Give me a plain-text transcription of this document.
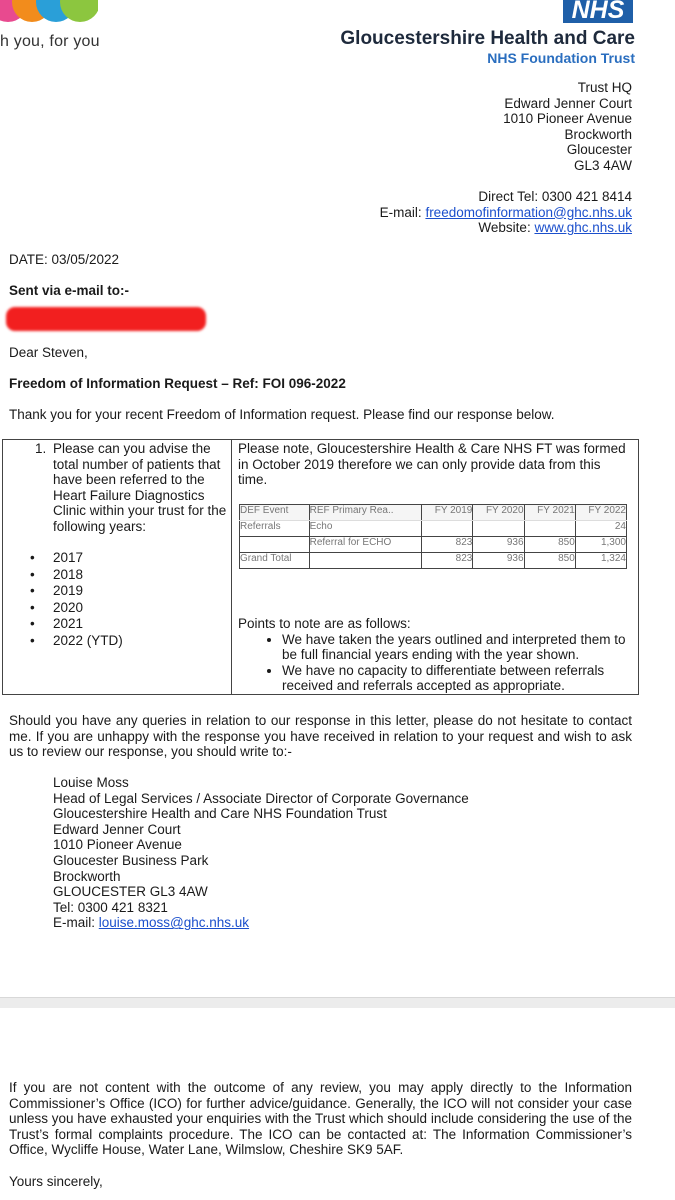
h you, for you
NHS
Gloucestershire Health and Care
NHS Foundation Trust
Trust HQ
Edward Jenner Court
1010 Pioneer Avenue
Brockworth
Gloucester
GL3 4AW
Direct Tel: 0300 421 8414
E-mail: freedomofinformation@ghc.nhs.uk
Website: www.ghc.nhs.uk
DATE: 03/05/2022
Sent via e-mail to:-
Dear Steven,
Freedom of Information Request – Ref: FOI 096-2022
Thank you for your recent Freedom of Information request. Please find our response below.
1. Please can you advise the total number of patients that have been referred to the Heart Failure Diagnostics Clinic within your trust for the following years:
• 2017
• 2018
• 2019
• 2020
• 2021
• 2022 (YTD)

Please note, Gloucestershire Health & Care NHS FT was formed in October 2019 therefore we can only provide data from this time.
DEF Event	REF Primary Rea..	FY 2019	FY 2020	FY 2021	FY 2022
Referrals	Echo				24
	Referral for ECHO	823	936	850	1,300
Grand Total		823	936	850	1,324
Points to note are as follows:
• We have taken the years outlined and interpreted them to be full financial years ending with the year shown.
• We have no capacity to differentiate between referrals received and referrals accepted as appropriate.
Should you have any queries in relation to our response in this letter, please do not hesitate to contact me. If you are unhappy with the response you have received in relation to your request and wish to ask us to review our response, you should write to:-
Louise Moss
Head of Legal Services / Associate Director of Corporate Governance
Gloucestershire Health and Care NHS Foundation Trust
Edward Jenner Court
1010 Pioneer Avenue
Gloucester Business Park
Brockworth
GLOUCESTER GL3 4AW
Tel: 0300 421 8321
E-mail: louise.moss@ghc.nhs.uk
If you are not content with the outcome of any review, you may apply directly to the Information Commissioner’s Office (ICO) for further advice/guidance. Generally, the ICO will not consider your case unless you have exhausted your enquiries with the Trust which should include considering the use of the Trust’s formal complaints procedure. The ICO can be contacted at: The Information Commissioner’s Office, Wycliffe House, Water Lane, Wilmslow, Cheshire SK9 5AF.
Yours sincerely,
